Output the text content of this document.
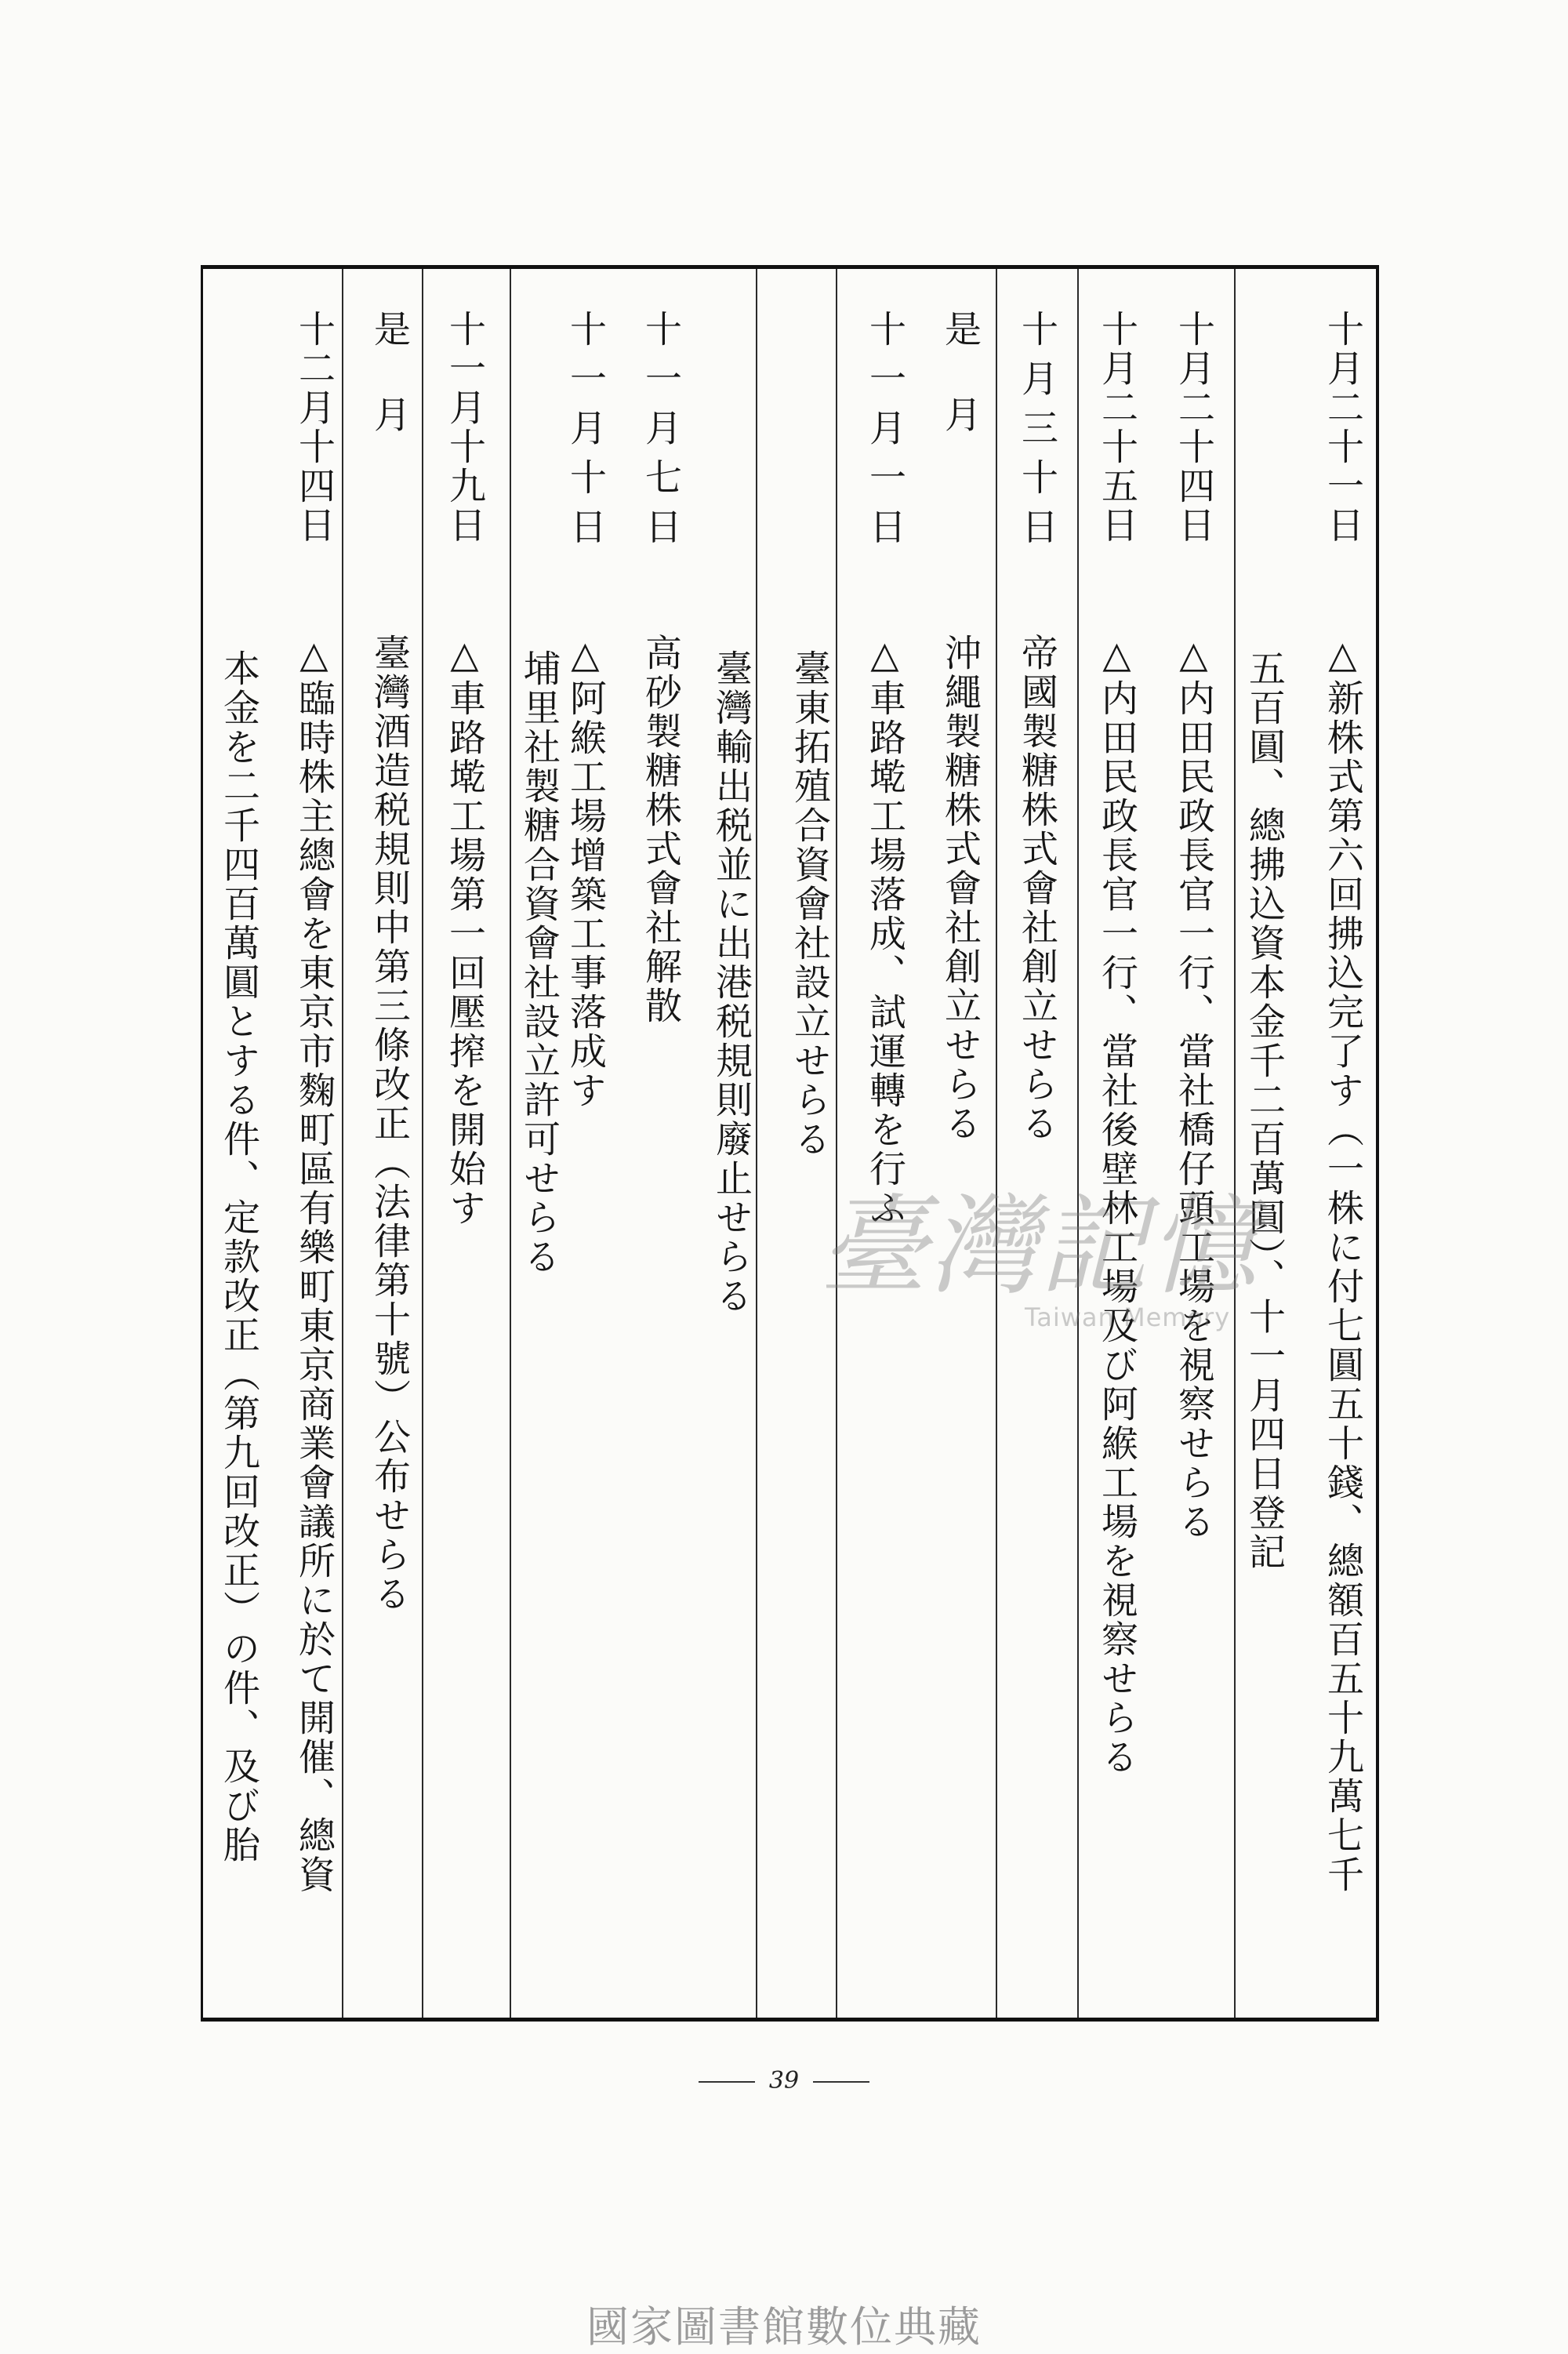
十月二十一日
△新株式第六回拂込完了す（一株に付七圓五十錢、總額百五十九萬七千
五百圓、總拂込資本金千二百萬圓）、十一月四日登記
十月二十四日
△内田民政長官一行、當社橋仔頭工場を視察せらる
十月二十五日
△内田民政長官一行、當社後壁林工場及び阿緱工場を視察せらる
十月三十日
帝國製糖株式會社創立せらる
是月
沖繩製糖株式會社創立せらる
十一月一日
△車路墘工場落成、試運轉を行ふ
臺東拓殖合資會社設立せらる
臺灣輸出税並に出港税規則廢止せらる
十一月七日
高砂製糖株式會社解散
十一月十日
△阿緱工場增築工事落成す
埔里社製糖合資會社設立許可せらる
十一月十九日
△車路墘工場第一回壓搾を開始す
是月
臺灣酒造税規則中第三條改正（法律第十號）公布せらる
十二月十四日
△臨時株主總會を東京市麴町區有樂町東京商業會議所に於て開催、總資
本金を二千四百萬圓とする件、定款改正（第九回改正）の件、及び胎	臺灣記憶
Taiwan Memory
39
國家圖書館數位典藏
